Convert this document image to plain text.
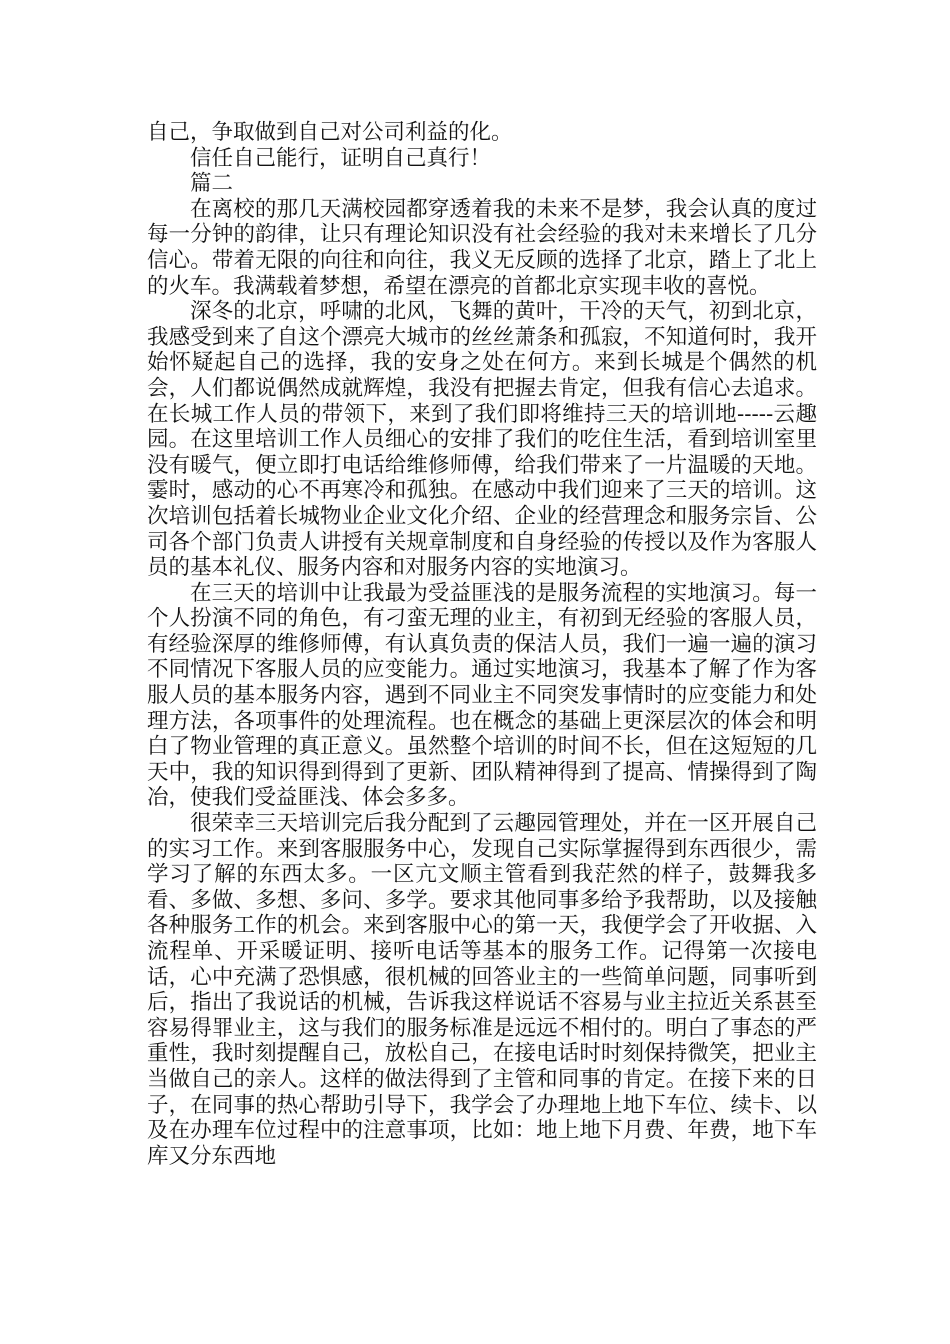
自己，争取做到自己对公司利益的化。

信任自己能行，证明自己真行！

篇二

在离校的那几天满校园都穿透着我的未来不是梦，我会认真的度过每一分钟的韵律，让只有理论知识没有社会经验的我对未来增长了几分信心。带着无限的向往和向往，我义无反顾的选择了北京，踏上了北上的火车。我满载着梦想，希望在漂亮的首都北京实现丰收的喜悦。

深冬的北京，呼啸的北风，飞舞的黄叶，干冷的天气，初到北京，我感受到来了自这个漂亮大城市的丝丝萧条和孤寂，不知道何时，我开始怀疑起自己的选择，我的安身之处在何方。来到长城是个偶然的机会，人们都说偶然成就辉煌，我没有把握去肯定，但我有信心去追求。在长城工作人员的带领下，来到了我们即将维持三天的培训地-----云趣园。在这里培训工作人员细心的安排了我们的吃住生活，看到培训室里没有暖气，便立即打电话给维修师傅，给我们带来了一片温暖的天地。霎时，感动的心不再寒冷和孤独。在感动中我们迎来了三天的培训。这次培训包括着长城物业企业文化介绍、企业的经营理念和服务宗旨、公司各个部门负责人讲授有关规章制度和自身经验的传授以及作为客服人员的基本礼仪、服务内容和对服务内容的实地演习。

在三天的培训中让我最为受益匪浅的是服务流程的实地演习。每一个人扮演不同的角色，有刁蛮无理的业主，有初到无经验的客服人员，有经验深厚的维修师傅，有认真负责的保洁人员，我们一遍一遍的演习不同情况下客服人员的应变能力。通过实地演习，我基本了解了作为客服人员的基本服务内容，遇到不同业主不同突发事情时的应变能力和处理方法，各项事件的处理流程。也在概念的基础上更深层次的体会和明白了物业管理的真正意义。虽然整个培训的时间不长，但在这短短的几天中，我的知识得到得到了更新、团队精神得到了提高、情操得到了陶冶，使我们受益匪浅、体会多多。

很荣幸三天培训完后我分配到了云趣园管理处，并在一区开展自己的实习工作。来到客服服务中心，发现自己实际掌握得到东西很少，需学习了解的东西太多。一区亢文顺主管看到我茫然的样子，鼓舞我多看、多做、多想、多问、多学。要求其他同事多给予我帮助，以及接触各种服务工作的机会。来到客服中心的第一天，我便学会了开收据、入流程单、开采暖证明、接听电话等基本的服务工作。记得第一次接电话，心中充满了恐惧感，很机械的回答业主的一些简单问题，同事听到后，指出了我说话的机械，告诉我这样说话不容易与业主拉近关系甚至容易得罪业主，这与我们的服务标准是远远不相付的。明白了事态的严重性，我时刻提醒自己，放松自己，在接电话时时刻保持微笑，把业主当做自己的亲人。这样的做法得到了主管和同事的肯定。在接下来的日子，在同事的热心帮助引导下，我学会了办理地上地下车位、续卡、以及在办理车位过程中的注意事项，比如：地上地下月费、年费，地下车库又分东西地
